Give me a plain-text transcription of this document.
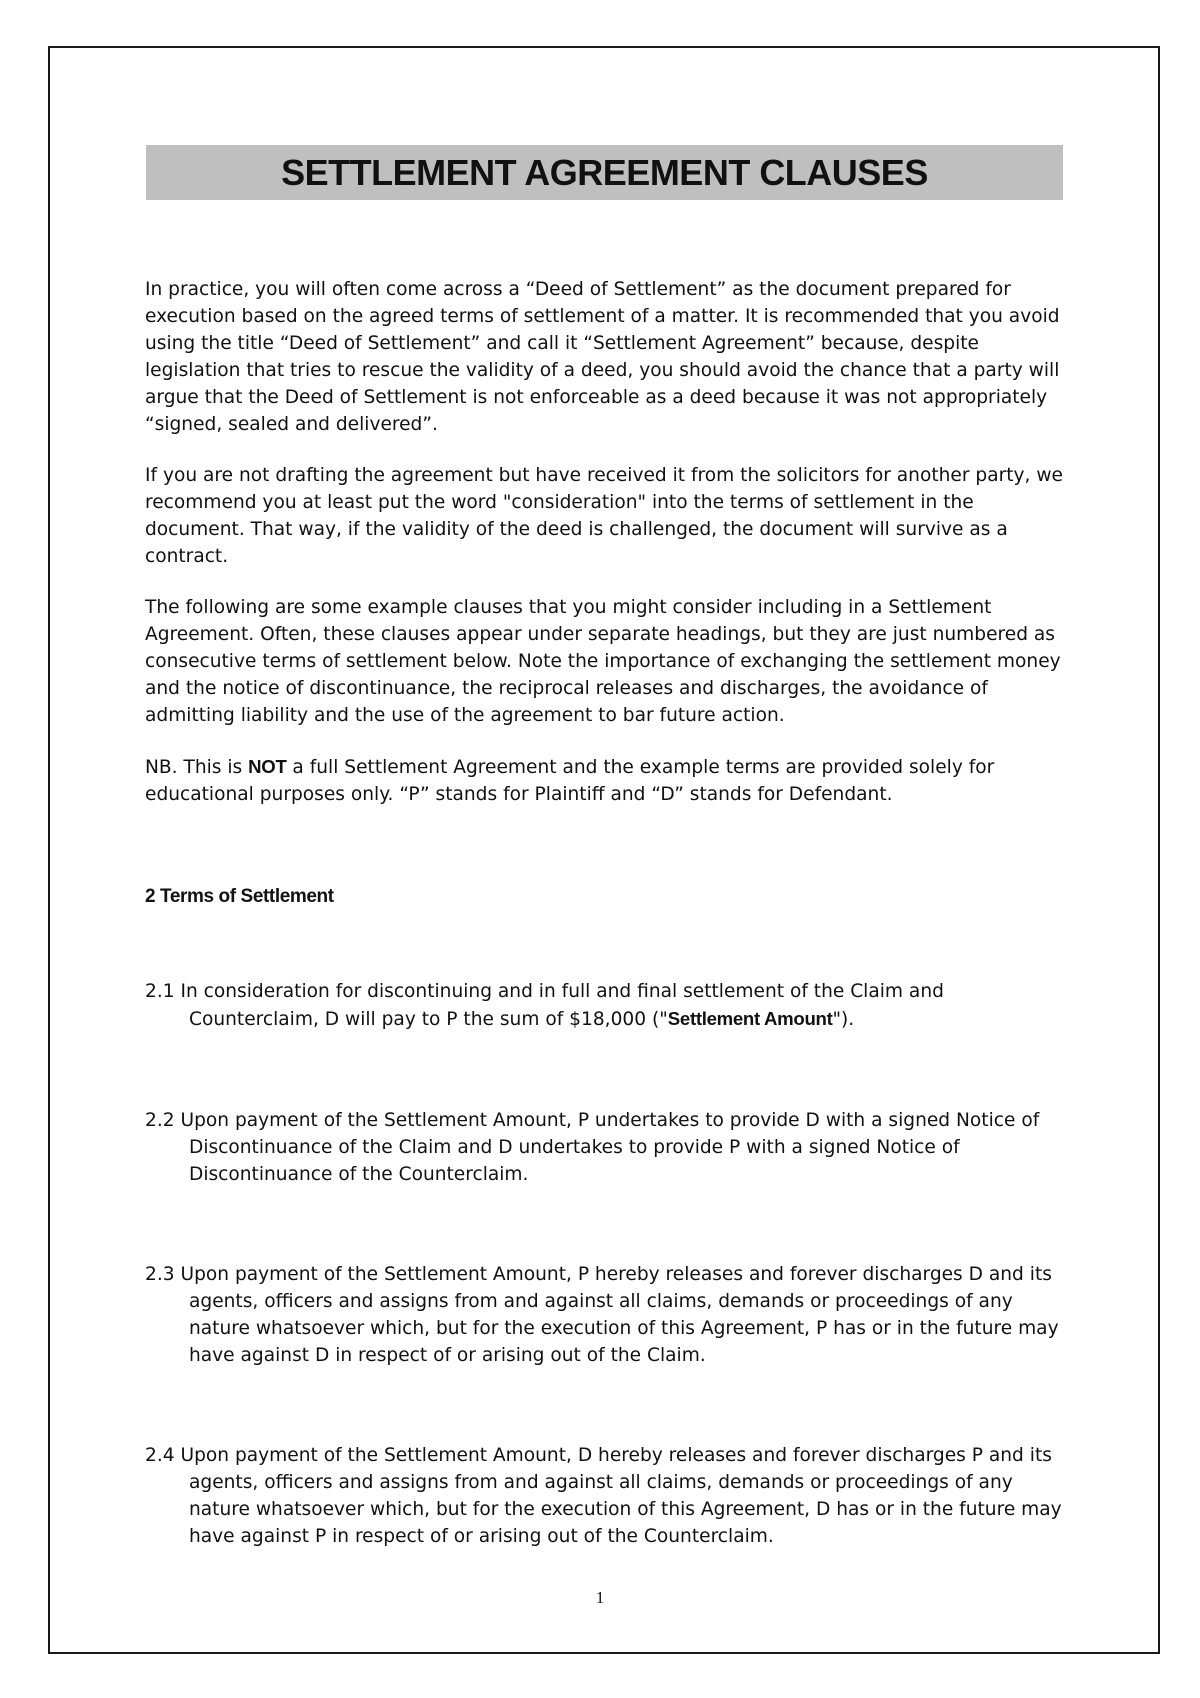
SETTLEMENT AGREEMENT CLAUSES

In practice, you will often come across a “Deed of Settlement” as the document prepared for execution based on the agreed terms of settlement of a matter. It is recommended that you avoid using the title “Deed of Settlement” and call it “Settlement Agreement” because, despite legislation that tries to rescue the validity of a deed, you should avoid the chance that a party will argue that the Deed of Settlement is not enforceable as a deed because it was not appropriately “signed, sealed and delivered”.

If you are not drafting the agreement but have received it from the solicitors for another party, we recommend you at least put the word "consideration" into the terms of settlement in the document. That way, if the validity of the deed is challenged, the document will survive as a contract.

The following are some example clauses that you might consider including in a Settlement Agreement. Often, these clauses appear under separate headings, but they are just numbered as consecutive terms of settlement below. Note the importance of exchanging the settlement money and the notice of discontinuance, the reciprocal releases and discharges, the avoidance of admitting liability and the use of the agreement to bar future action.

NB. This is NOT a full Settlement Agreement and the example terms are provided solely for educational purposes only. “P” stands for Plaintiff and “D” stands for Defendant.

2 Terms of Settlement
2.1 In consideration for discontinuing and in full and final settlement of the Claim and Counterclaim, D will pay to P the sum of $18,000 ("Settlement Amount").
2.2 Upon payment of the Settlement Amount, P undertakes to provide D with a signed Notice of Discontinuance of the Claim and D undertakes to provide P with a signed Notice of Discontinuance of the Counterclaim.
2.3 Upon payment of the Settlement Amount, P hereby releases and forever discharges D and its agents, officers and assigns from and against all claims, demands or proceedings of any nature whatsoever which, but for the execution of this Agreement, P has or in the future may have against D in respect of or arising out of the Claim.
2.4 Upon payment of the Settlement Amount, D hereby releases and forever discharges P and its agents, officers and assigns from and against all claims, demands or proceedings of any nature whatsoever which, but for the execution of this Agreement, D has or in the future may have against P in respect of or arising out of the Counterclaim.
1
